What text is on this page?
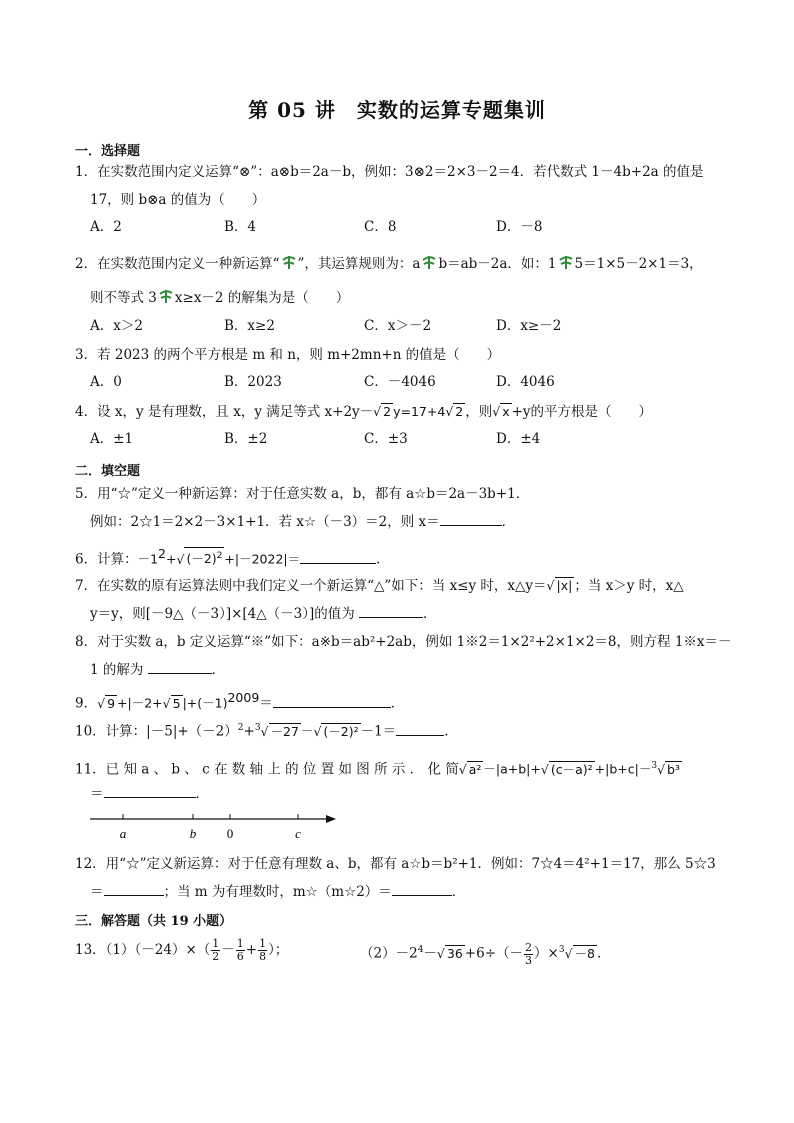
第 05 讲　实数的运算专题集训
一．选择题
1．在实数范围内定义运算“⊗”：a⊗b＝2a－b，例如：3⊗2＝2×3－2＝4．若代数式 1－4b+2a 的值是
17，则 b⊗a 的值为（　　）
A．2	B．4	C．8	D．－8
2．在实数范围内定义一种新运算“ ”，其运算规则为：a b＝ab－2a．如：1 5＝1×5－2×1＝3，
则不等式 3 x≥x－2 的解集为是（　　）
A．x＞2	B．x≥2	C．x＞－2	D．x≥－2
3．若 2023 的两个平方根是 m 和 n，则 m+2mn+n 的值是（　　）
A．0	B．2023	C．－4046	D．4046
4．设 x，y 是有理数，且 x，y 满足等式 x+2y－√ 2 y=17+4√ 2 ，则√ x +y的平方根是（　　）
A．±1	B．±2	C．±3	D．±4
二．填空题
5．用“☆”定义一种新运算：对于任意实数 a，b，都有 a☆b＝2a－3b+1．
例如：2☆1＝2×2－3×1+1．若 x☆（－3）＝2，则 x＝	．
6．计算：$-1^2+√$ $(-2)^2 +|-2022|=$	．
7．在实数的原有运算法则中我们定义一个新运算“△”如下：当 x≤y 时，x△y＝√ |x| ；当 x＞y 时，x△
y＝y，则[－9△（－3）]×[4△（－3）]的值为	．
8．对于实数 a，b 定义运算“※”如下：a※b＝ab²+2ab，例如 1※2＝1×2²+2×1×2＝8，则方程 1※x＝－
1 的解为	．
9．√ 9 +|－2+√ 5 $|+(-1)^{2009}=$	．
10．计算：$|-5|+(-2)^2+^3√ -27$ －√ (－2)² －1＝	．
11．已 知 a 、 b 、 c 在 数 轴 上 的 位 置 如 图 所 示 ． 化 简√ a² －|a+b|+√ (c－a)² +|b+c|－$^3$√ b³
＝	．
a	b 0	c
12．用“☆”定义新运算：对于任意有理数 a、b，都有 a☆b＝b²+1．例如：7☆4＝4²+1＝17，那么 5☆3
＝	；当 m 为有理数时，m☆（m☆2）＝	．
三．解答题（共 19 小题）
13．$(1)(-24)\times( \frac{1}{2} - \frac{1}{6} + \frac{1}{8}$ ）；	$(2)-2^4-√$ $36 +6\div(- \frac{2}{3} )\times^3√ -8$ ．
